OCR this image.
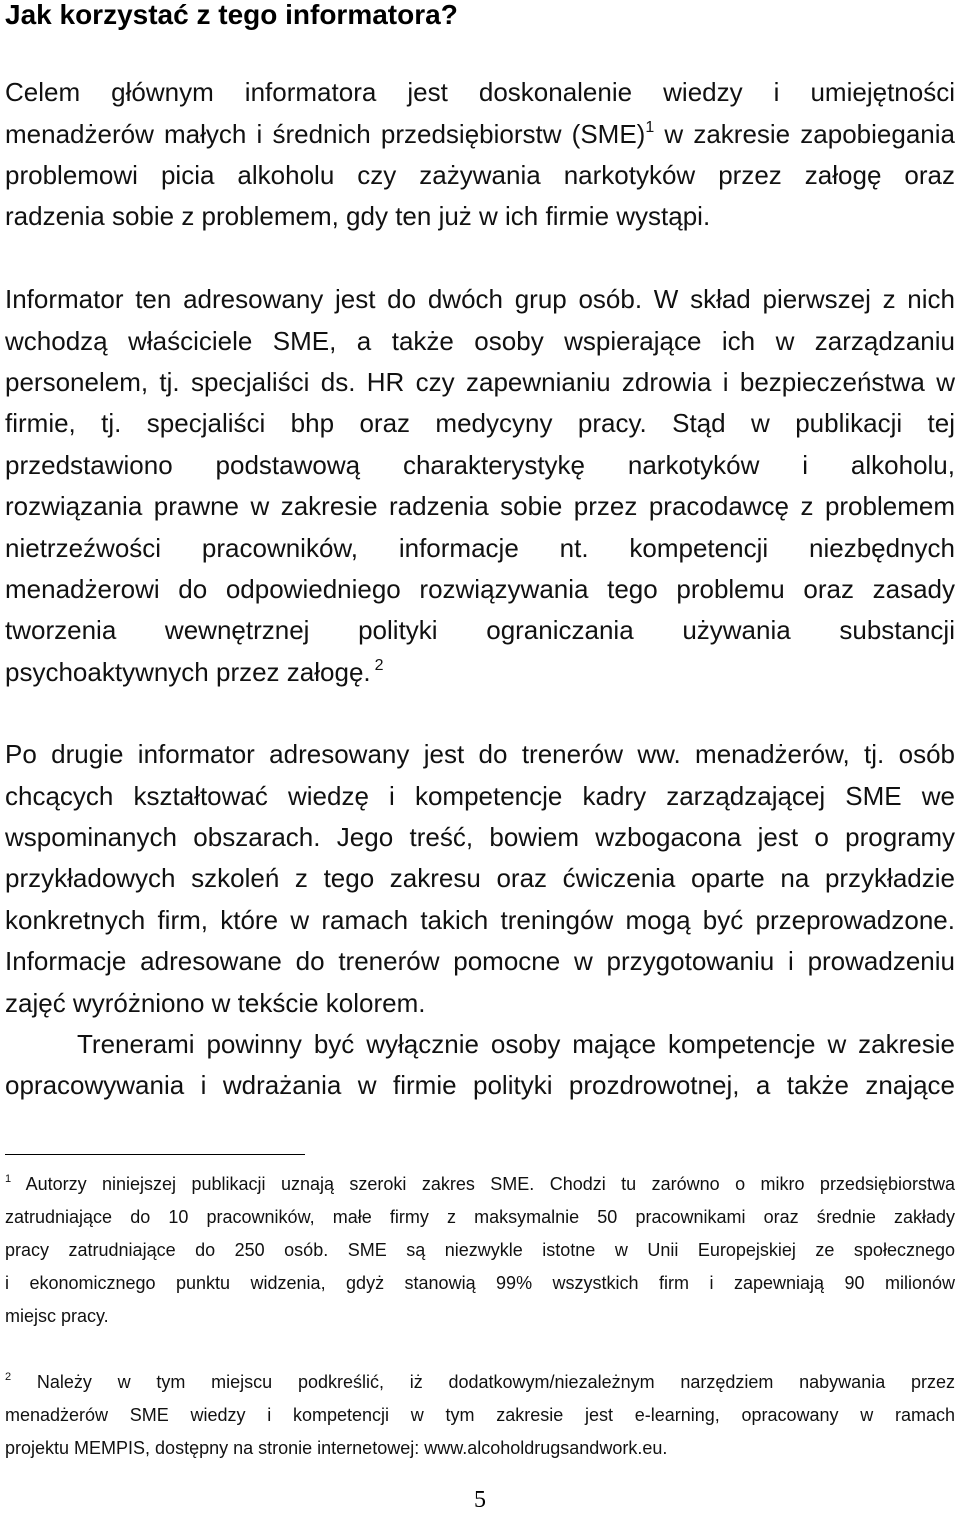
Jak korzystać z tego informatora?
Celem głównym informatora jest doskonalenie wiedzy i umiejętności
menadżerów małych i średnich przedsiębiorstw (SME)$^1$ w zakresie zapobiegania
problemowi picia alkoholu czy zażywania narkotyków przez załogę oraz
radzenia sobie z problemem, gdy ten już w ich firmie wystąpi.
Informator ten adresowany jest do dwóch grup osób. W skład pierwszej z nich
wchodzą właściciele SME, a także osoby wspierające ich w zarządzaniu
personelem, tj. specjaliści ds. HR czy zapewnianiu zdrowia i bezpieczeństwa w
firmie, tj. specjaliści bhp oraz medycyny pracy. Stąd w publikacji tej
przedstawiono podstawową charakterystykę narkotyków i alkoholu,
rozwiązania prawne w zakresie radzenia sobie przez pracodawcę z problemem
nietrzeźwości pracowników, informacje nt. kompetencji niezbędnych
menadżerowi do odpowiedniego rozwiązywania tego problemu oraz zasady
tworzenia wewnętrznej polityki ograniczania używania substancji
psychoaktywnych przez załogę. $^2$
Po drugie informator adresowany jest do trenerów ww. menadżerów, tj. osób
chcących kształtować wiedzę i kompetencje kadry zarządzającej SME we
wspominanych obszarach. Jego treść, bowiem wzbogacona jest o programy
przykładowych szkoleń z tego zakresu oraz ćwiczenia oparte na przykładzie
konkretnych firm, które w ramach takich treningów mogą być przeprowadzone.
Informacje adresowane do trenerów pomocne w przygotowaniu i prowadzeniu
zajęć wyróżniono w tekście kolorem.
Trenerami powinny być wyłącznie osoby mające kompetencje w zakresie
opracowywania i wdrażania w firmie polityki prozdrowotnej, a także znające
$^1$ Autorzy niniejszej publikacji uznają szeroki zakres SME. Chodzi tu zarówno o mikro przedsiębiorstwa
zatrudniające do 10 pracowników, małe firmy z maksymalnie 50 pracownikami oraz średnie zakłady
pracy zatrudniające do 250 osób. SME są niezwykle istotne w Unii Europejskiej ze społecznego
i ekonomicznego punktu widzenia, gdyż stanowią 99% wszystkich firm i zapewniają 90 milionów
miejsc pracy.
$^2$ Należy w tym miejscu podkreślić, iż dodatkowym/niezależnym narzędziem nabywania przez
menadżerów SME wiedzy i kompetencji w tym zakresie jest e-learning, opracowany w ramach
projektu MEMPIS, dostępny na stronie internetowej: www.alcoholdrugsandwork.eu.
5
